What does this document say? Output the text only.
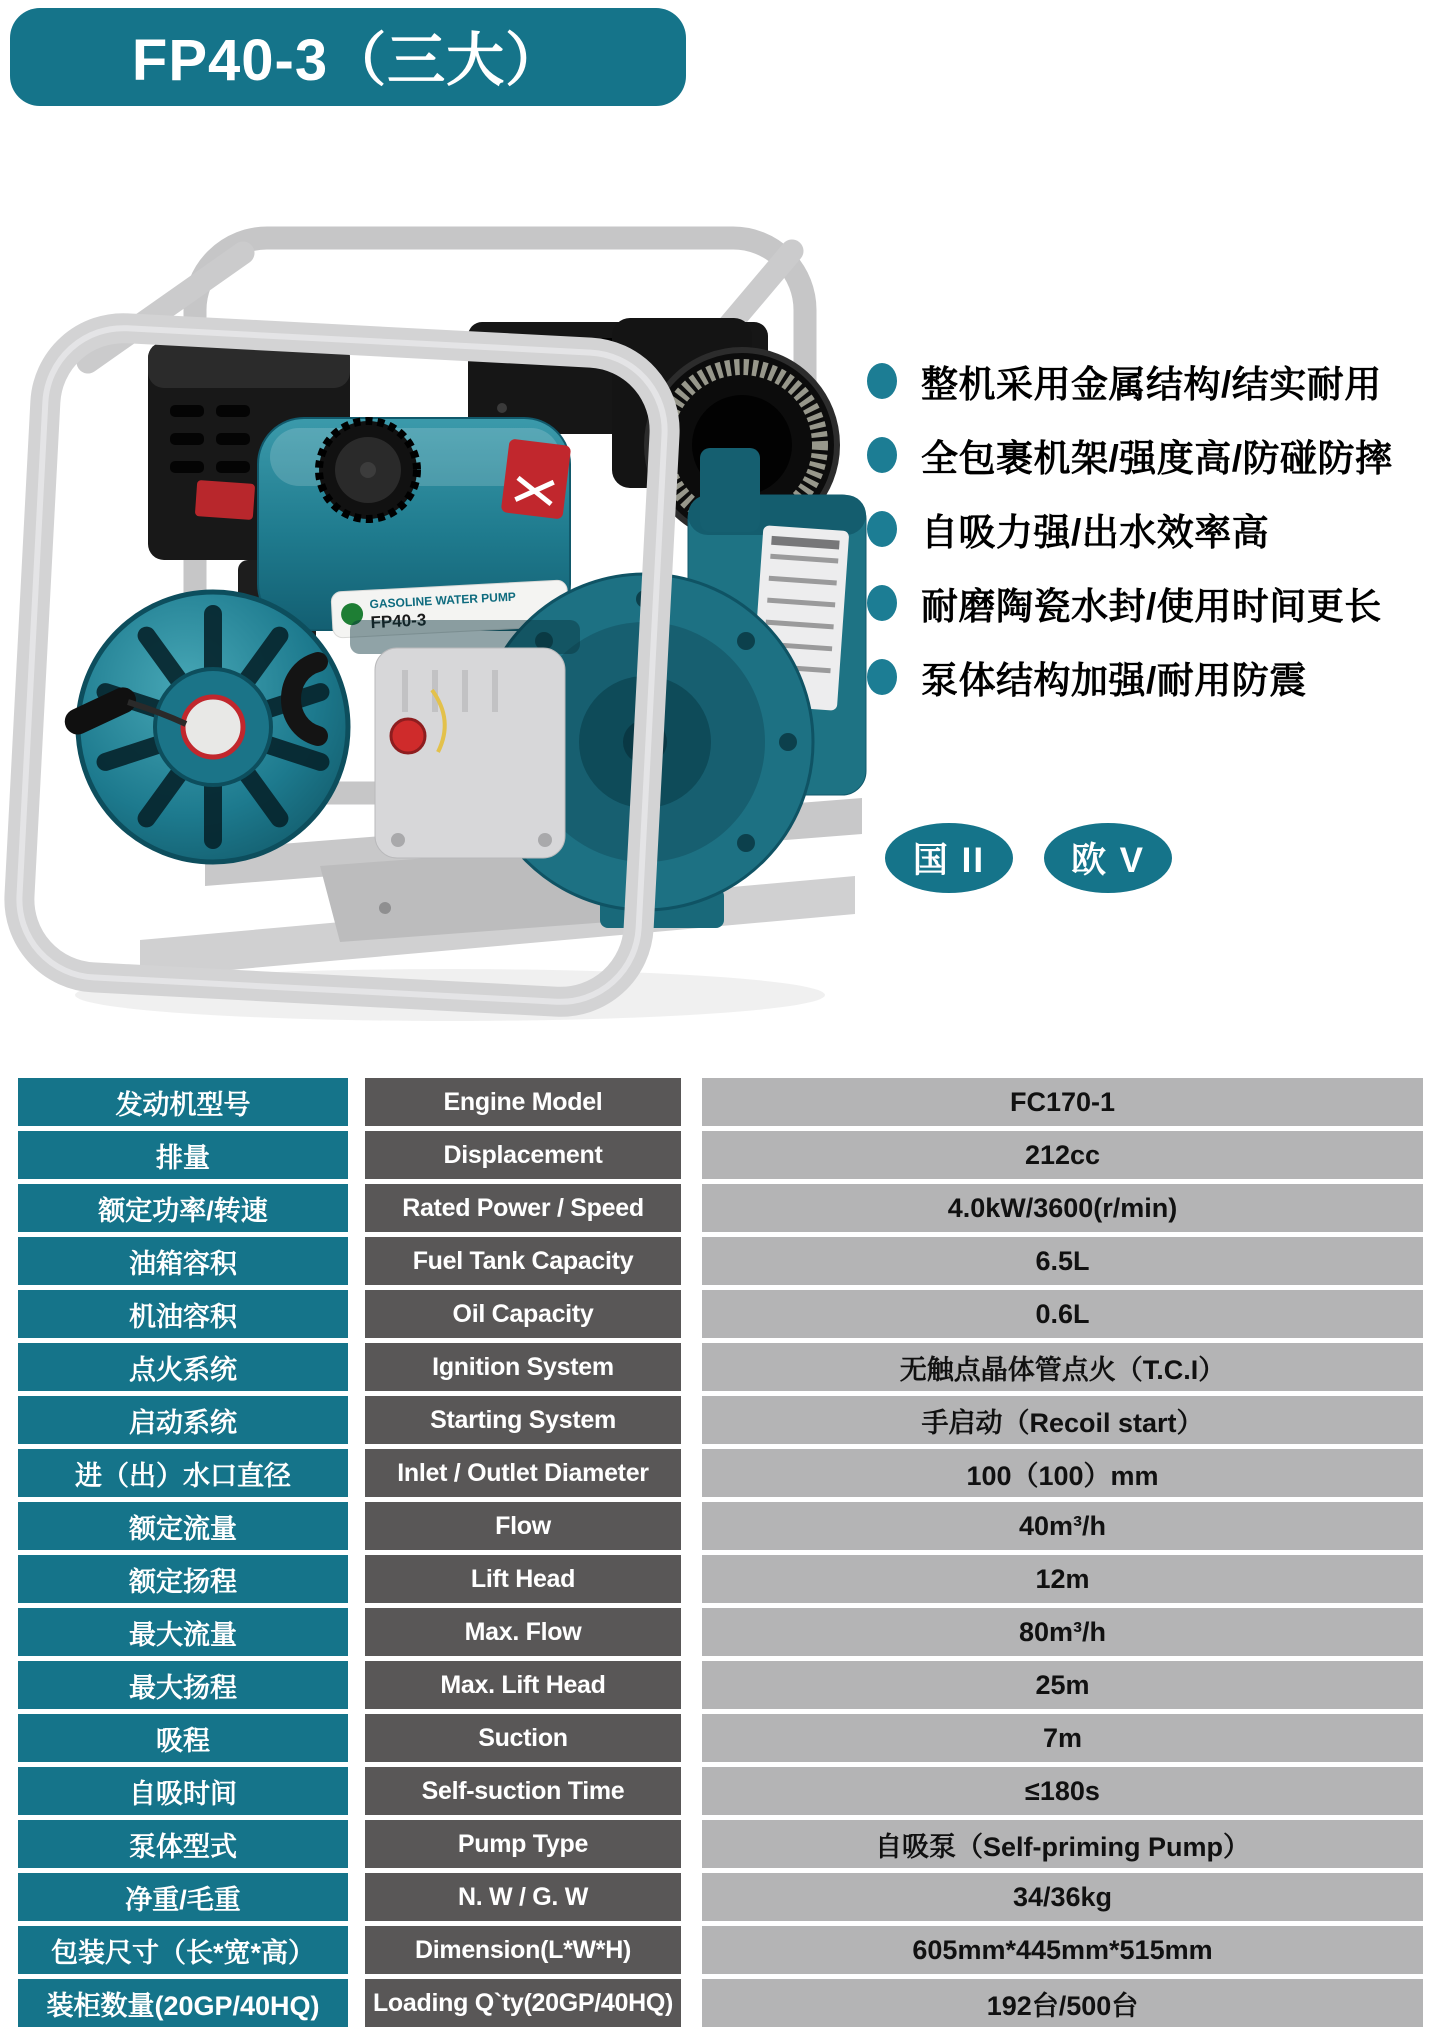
FP40-3（三大）
GASOLINE WATER PUMP
FP40-3
整机采用金属结构/结实耐用
全包裹机架/强度高/防碰防摔
自吸力强/出水效率高
耐磨陶瓷水封/使用时间更长
泵体结构加强/耐用防震
国 II	欧 V
发动机型号	Engine Model	FC170-1
排量	Displacement	212cc
额定功率/转速	Rated Power / Speed	4.0kW/3600(r/min)
油箱容积	Fuel Tank Capacity	6.5L
机油容积	Oil Capacity	0.6L
点火系统	Ignition System	无触点晶体管点火（T.C.I）
启动系统	Starting System	手启动（Recoil start）
进（出）水口直径	Inlet / Outlet Diameter	100（100）mm
额定流量	Flow	40m³/h
额定扬程	Lift Head	12m
最大流量	Max. Flow	80m³/h
最大扬程	Max. Lift Head	25m
吸程	Suction	7m
自吸时间	Self-suction Time	≤180s
泵体型式	Pump Type	自吸泵（Self-priming Pump）
净重/毛重	N. W / G. W	34/36kg
包装尺寸（长*宽*高）	Dimension(L*W*H)	605mm*445mm*515mm
装柜数量(20GP/40HQ)	Loading Q`ty(20GP/40HQ)	192台/500台
